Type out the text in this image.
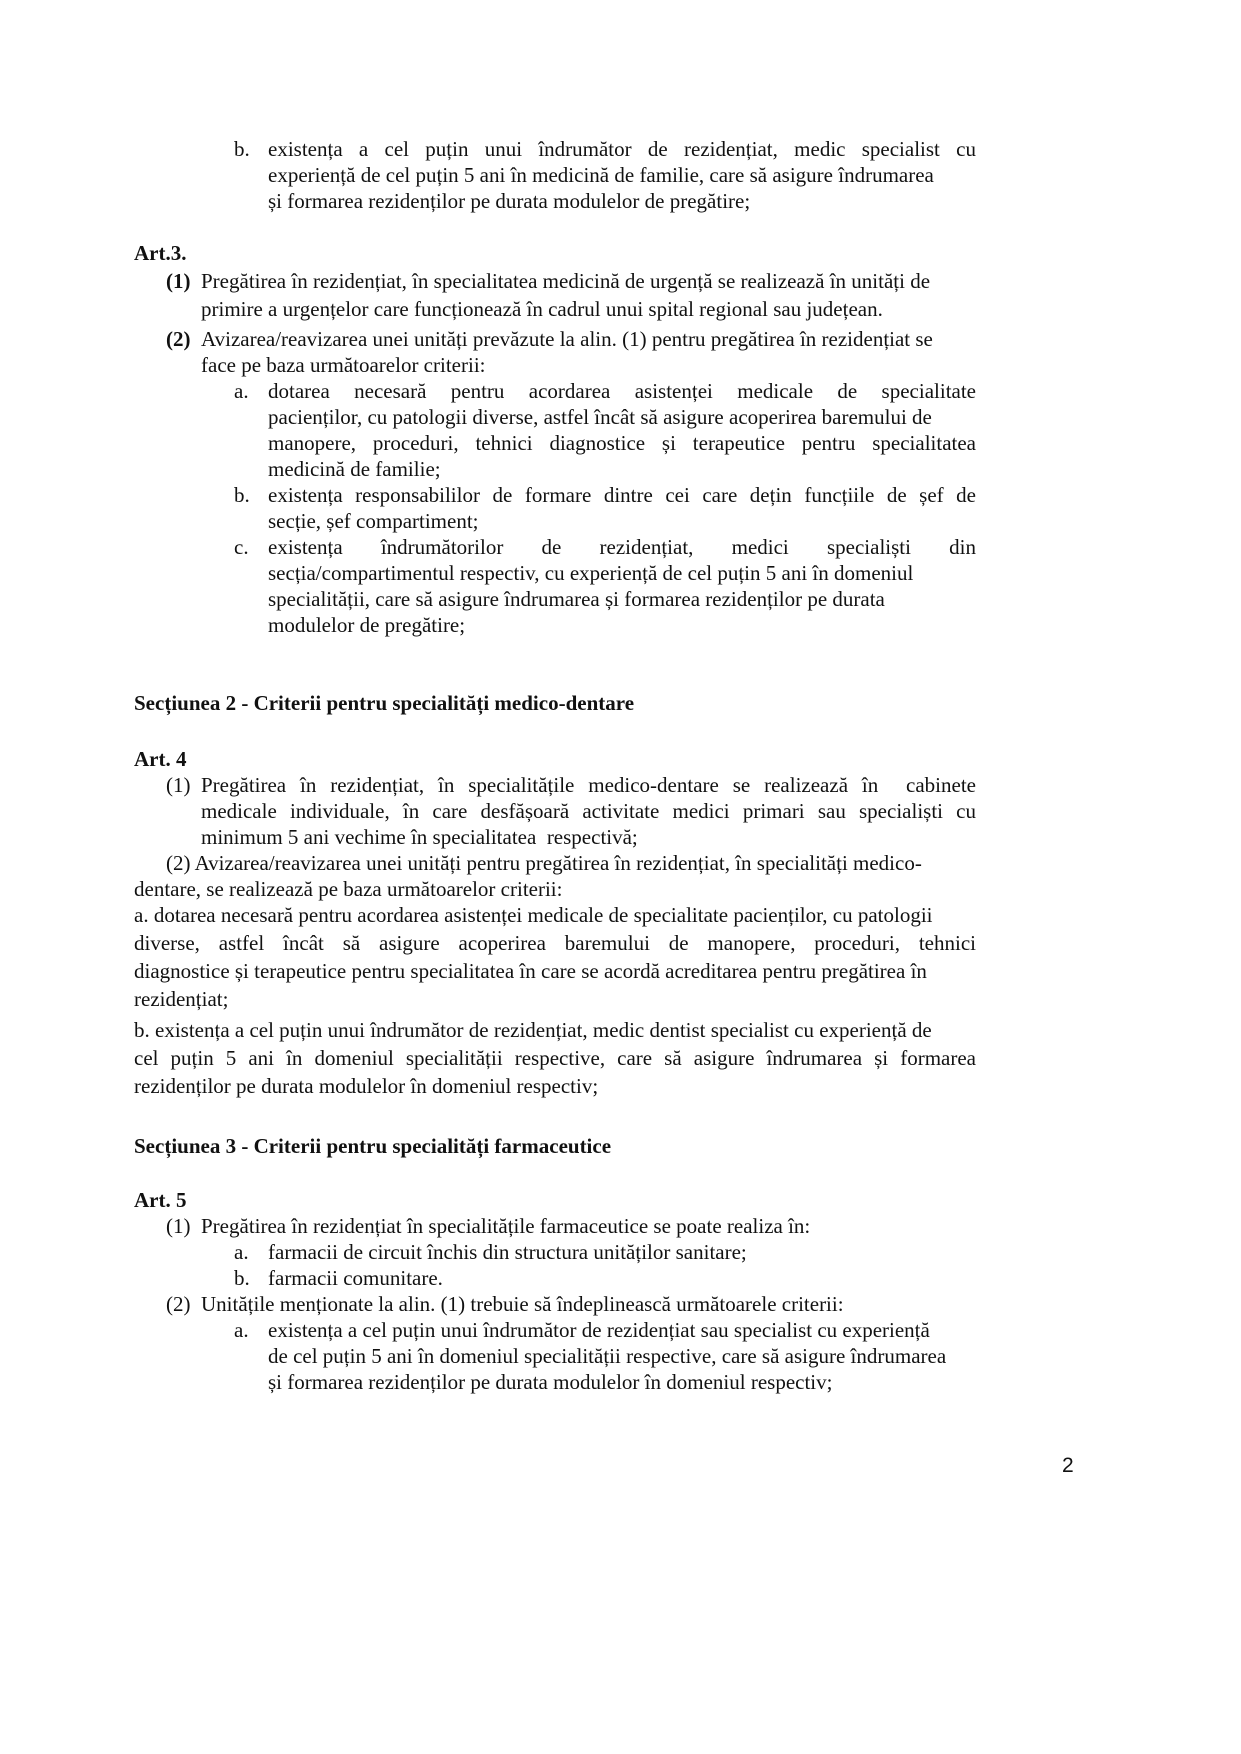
b. existența a cel puțin unui îndrumător de rezidențiat, medic specialist cu
experiență de cel puțin 5 ani în medicină de familie, care să asigure îndrumarea
și formarea rezidenților pe durata modulelor de pregătire;
Art.3.
(1) Pregătirea în rezidențiat, în specialitatea medicină de urgență se realizează în unități de
primire a urgențelor care funcționează în cadrul unui spital regional sau județean.
(2) Avizarea/reavizarea unei unități prevăzute la alin. (1) pentru pregătirea în rezidențiat se
face pe baza următoarelor criterii:
a. dotarea necesară pentru acordarea asistenței medicale de specialitate
pacienților, cu patologii diverse, astfel încât să asigure acoperirea baremului de
manopere, proceduri, tehnici diagnostice și terapeutice pentru specialitatea
medicină de familie;
b. existența responsabililor de formare dintre cei care dețin funcțiile de șef de
secție, șef compartiment;
c. existența îndrumătorilor de rezidențiat, medici specialiști din
secția/compartimentul respectiv, cu experiență de cel puțin 5 ani în domeniul
specialității, care să asigure îndrumarea și formarea rezidenților pe durata
modulelor de pregătire;
Secțiunea 2 - Criterii pentru specialități medico-dentare
Art. 4
(1) Pregătirea în rezidențiat, în specialitățile medico-dentare se realizează în  cabinete
medicale individuale, în care desfășoară activitate medici primari sau specialiști cu
minimum 5 ani vechime în specialitatea  respectivă;
(2) Avizarea/reavizarea unei unități pentru pregătirea în rezidențiat, în specialități medico-
dentare, se realizează pe baza următoarelor criterii:
a. dotarea necesară pentru acordarea asistenței medicale de specialitate pacienților, cu patologii
diverse, astfel încât să asigure acoperirea baremului de manopere, proceduri, tehnici
diagnostice și terapeutice pentru specialitatea în care se acordă acreditarea pentru pregătirea în
rezidențiat;
b. existența a cel puțin unui îndrumător de rezidențiat, medic dentist specialist cu experiență de
cel puțin 5 ani în domeniul specialității respective, care să asigure îndrumarea și formarea
rezidenților pe durata modulelor în domeniul respectiv;
Secțiunea 3 - Criterii pentru specialități farmaceutice
Art. 5
(1) Pregătirea în rezidențiat în specialitățile farmaceutice se poate realiza în:
a. farmacii de circuit închis din structura unităților sanitare;
b. farmacii comunitare.
(2) Unitățile menționate la alin. (1) trebuie să îndeplinească următoarele criterii:
a. existența a cel puțin unui îndrumător de rezidențiat sau specialist cu experiență
de cel puțin 5 ani în domeniul specialității respective, care să asigure îndrumarea
și formarea rezidenților pe durata modulelor în domeniul respectiv;
2
